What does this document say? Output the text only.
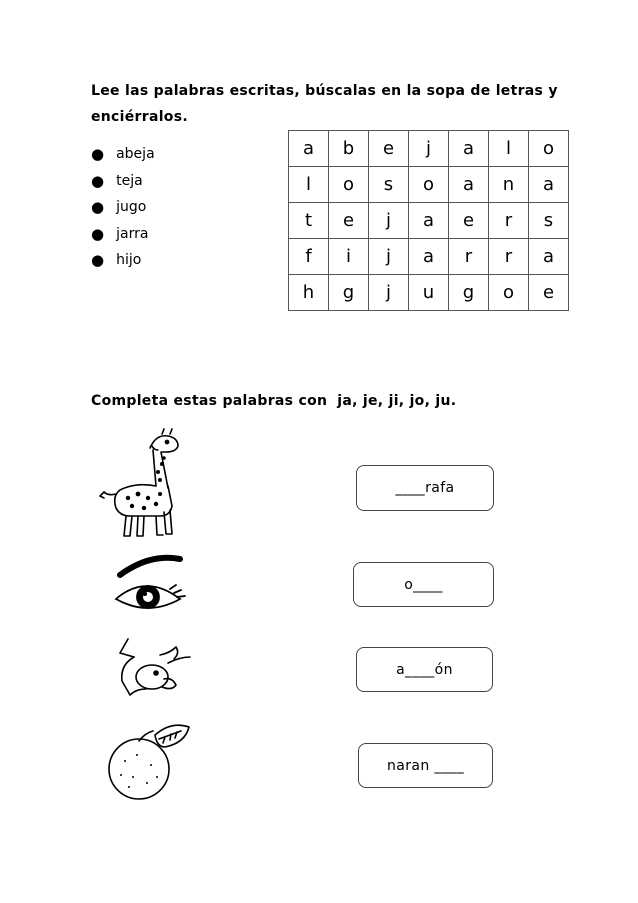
Lee las palabras escritas, búscalas en la sopa de letras y enciérralos.
● abeja
● teja
● jugo
● jarra
● hijo
a	b	e	j	a	l	o
l	o	s	o	a	n	a
t	e	j	a	e	r	s
f	i	j	a	r	r	a
h	g	j	u	g	o	e
Completa estas palabras con ja, je, ji, jo, ju.
____rafa
o____
a____ón
naran ____
